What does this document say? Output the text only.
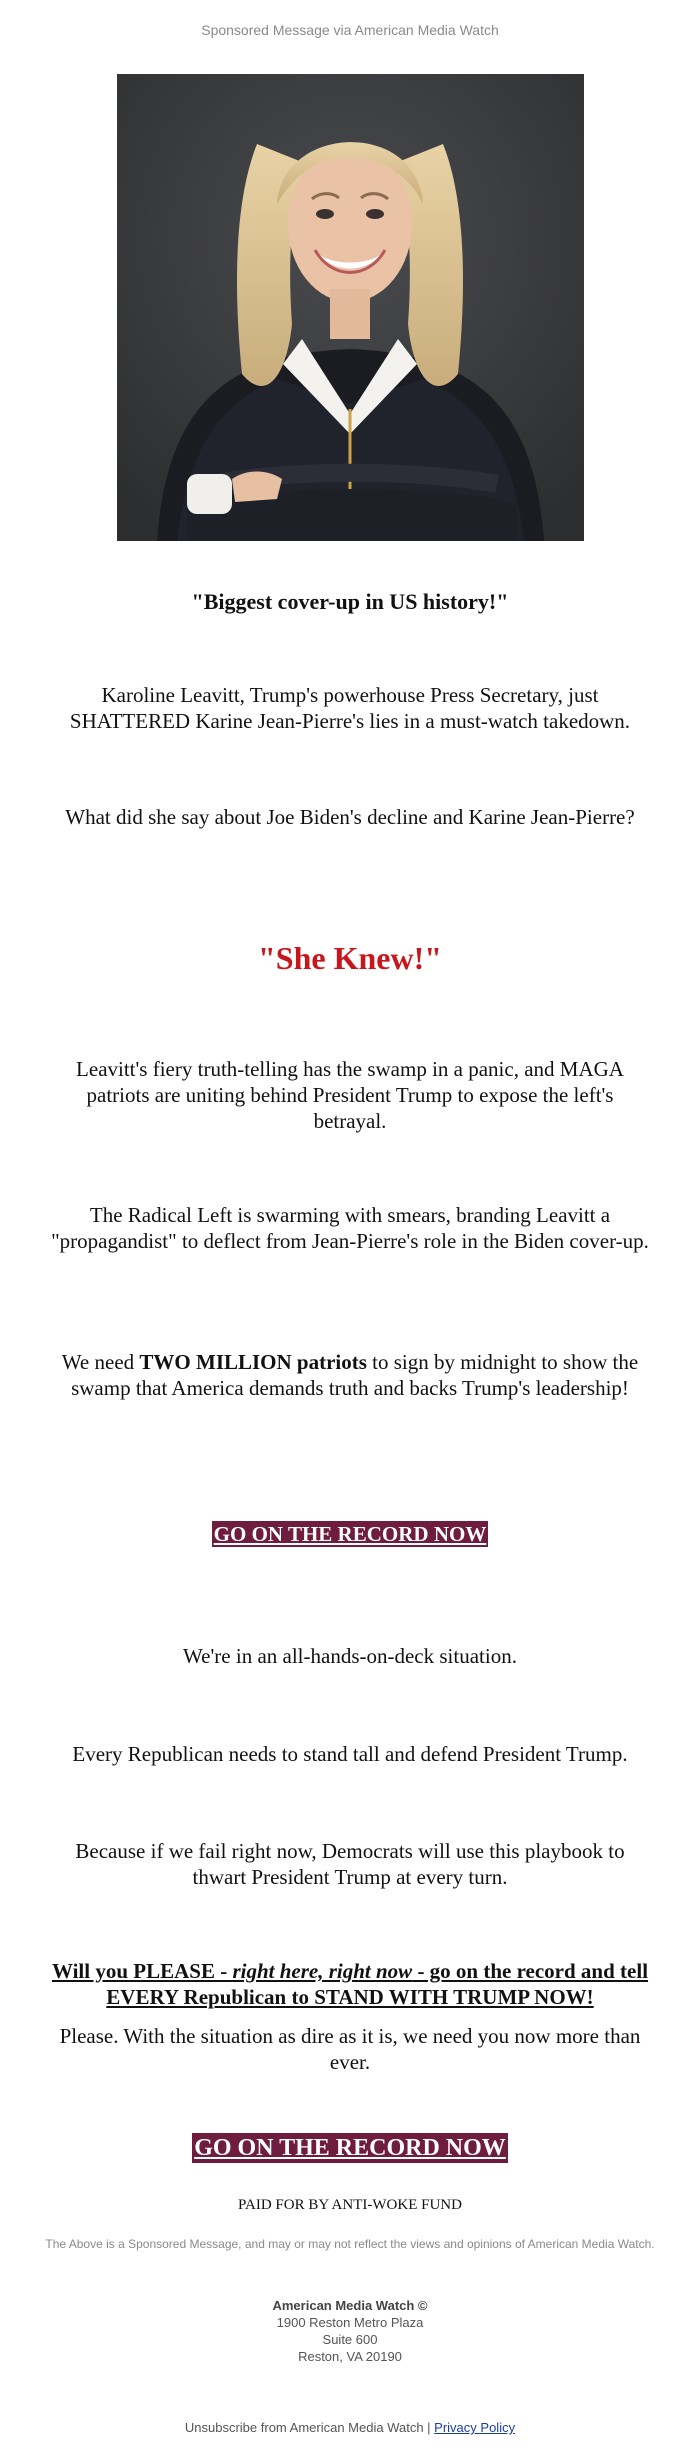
Sponsored Message via American Media Watch
"Biggest cover-up in US history!"
Karoline Leavitt, Trump's powerhouse Press Secretary, just SHATTERED Karine Jean-Pierre's lies in a must-watch takedown.
What did she say about Joe Biden's decline and Karine Jean-Pierre?
"She Knew!"
Leavitt's fiery truth-telling has the swamp in a panic, and MAGA patriots are uniting behind President Trump to expose the left's betrayal.
The Radical Left is swarming with smears, branding Leavitt a "propagandist" to deflect from Jean-Pierre's role in the Biden cover-up.
We need TWO MILLION patriots to sign by midnight to show the swamp that America demands truth and backs Trump's leadership!
GO ON THE RECORD NOW
We're in an all-hands-on-deck situation.
Every Republican needs to stand tall and defend President Trump.
Because if we fail right now, Democrats will use this playbook to thwart President Trump at every turn.
Will you PLEASE - right here, right now - go on the record and tell EVERY Republican to STAND WITH TRUMP NOW!
Please. With the situation as dire as it is, we need you now more than ever.
GO ON THE RECORD NOW
PAID FOR BY ANTI-WOKE FUND
The Above is a Sponsored Message, and may or may not reflect the views and opinions of American Media Watch.
American Media Watch ©
1900 Reston Metro Plaza
Suite 600
Reston, VA 20190
Unsubscribe from American Media Watch | Privacy Policy
